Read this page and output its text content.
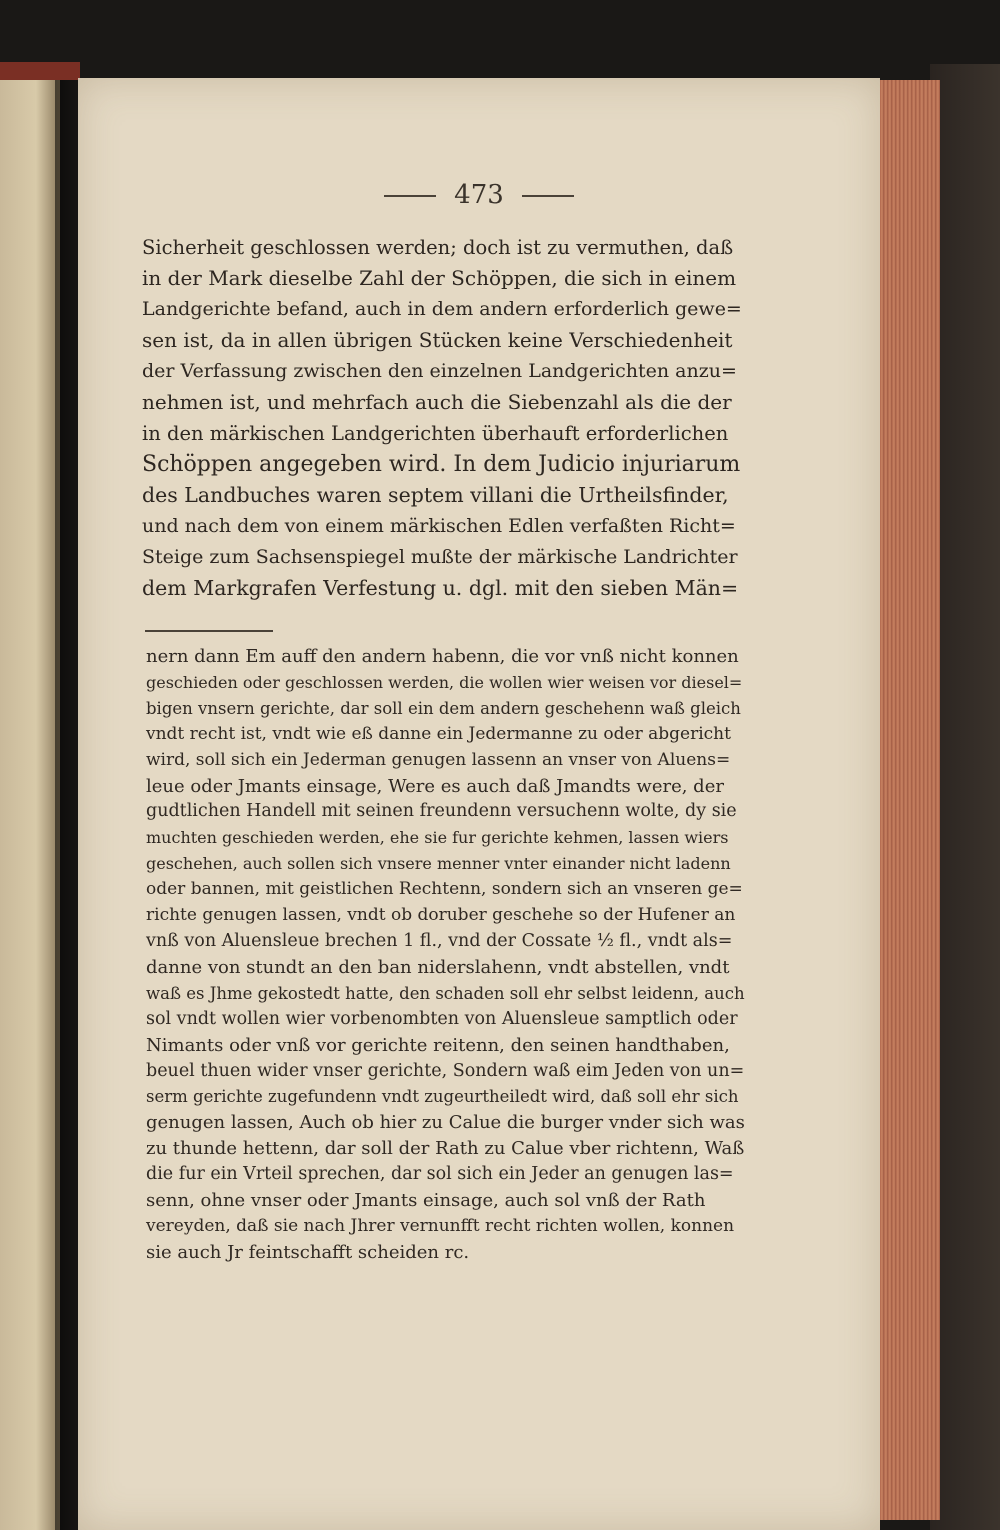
473
Sicherheit geschlossen werden; doch ist zu vermuthen, daß
in der Mark dieselbe Zahl der Schöppen, die sich in einem
Landgerichte befand, auch in dem andern erforderlich gewe=
sen ist, da in allen übrigen Stücken keine Verschiedenheit
der Verfassung zwischen den einzelnen Landgerichten anzu=
nehmen ist, und mehrfach auch die Siebenzahl als die der
in den märkischen Landgerichten überhauft erforderlichen
Schöppen angegeben wird. In dem Judicio injuriarum
des Landbuches waren septem villani die Urtheilsfinder,
und nach dem von einem märkischen Edlen verfaßten Richt=
Steige zum Sachsenspiegel mußte der märkische Landrichter
dem Markgrafen Verfestung u. dgl. mit den sieben Män=
nern dann Em auff den andern habenn, die vor vnß nicht konnen
geschieden oder geschlossen werden, die wollen wier weisen vor diesel=
bigen vnsern gerichte, dar soll ein dem andern geschehenn waß gleich
vndt recht ist, vndt wie eß danne ein Jedermanne zu oder abgericht
wird, soll sich ein Jederman genugen lassenn an vnser von Aluens=
leue oder Jmants einsage, Were es auch daß Jmandts were, der
gudtlichen Handell mit seinen freundenn versuchenn wolte, dy sie
muchten geschieden werden, ehe sie fur gerichte kehmen, lassen wiers
geschehen, auch sollen sich vnsere menner vnter einander nicht ladenn
oder bannen, mit geistlichen Rechtenn, sondern sich an vnseren ge=
richte genugen lassen, vndt ob doruber geschehe so der Hufener an
vnß von Aluensleue brechen 1 fl., vnd der Cossate ½ fl., vndt als=
danne von stundt an den ban niderslahenn, vndt abstellen, vndt
waß es Jhme gekostedt hatte, den schaden soll ehr selbst leidenn, auch
sol vndt wollen wier vorbenombten von Aluensleue samptlich oder
Nimants oder vnß vor gerichte reitenn, den seinen handthaben,
beuel thuen wider vnser gerichte, Sondern waß eim Jeden von un=
serm gerichte zugefundenn vndt zugeurtheiledt wird, daß soll ehr sich
genugen lassen, Auch ob hier zu Calue die burger vnder sich was
zu thunde hettenn, dar soll der Rath zu Calue vber richtenn, Waß
die fur ein Vrteil sprechen, dar sol sich ein Jeder an genugen las=
senn, ohne vnser oder Jmants einsage, auch sol vnß der Rath
vereyden, daß sie nach Jhrer vernunfft recht richten wollen, konnen
sie auch Jr feintschafft scheiden rc.
